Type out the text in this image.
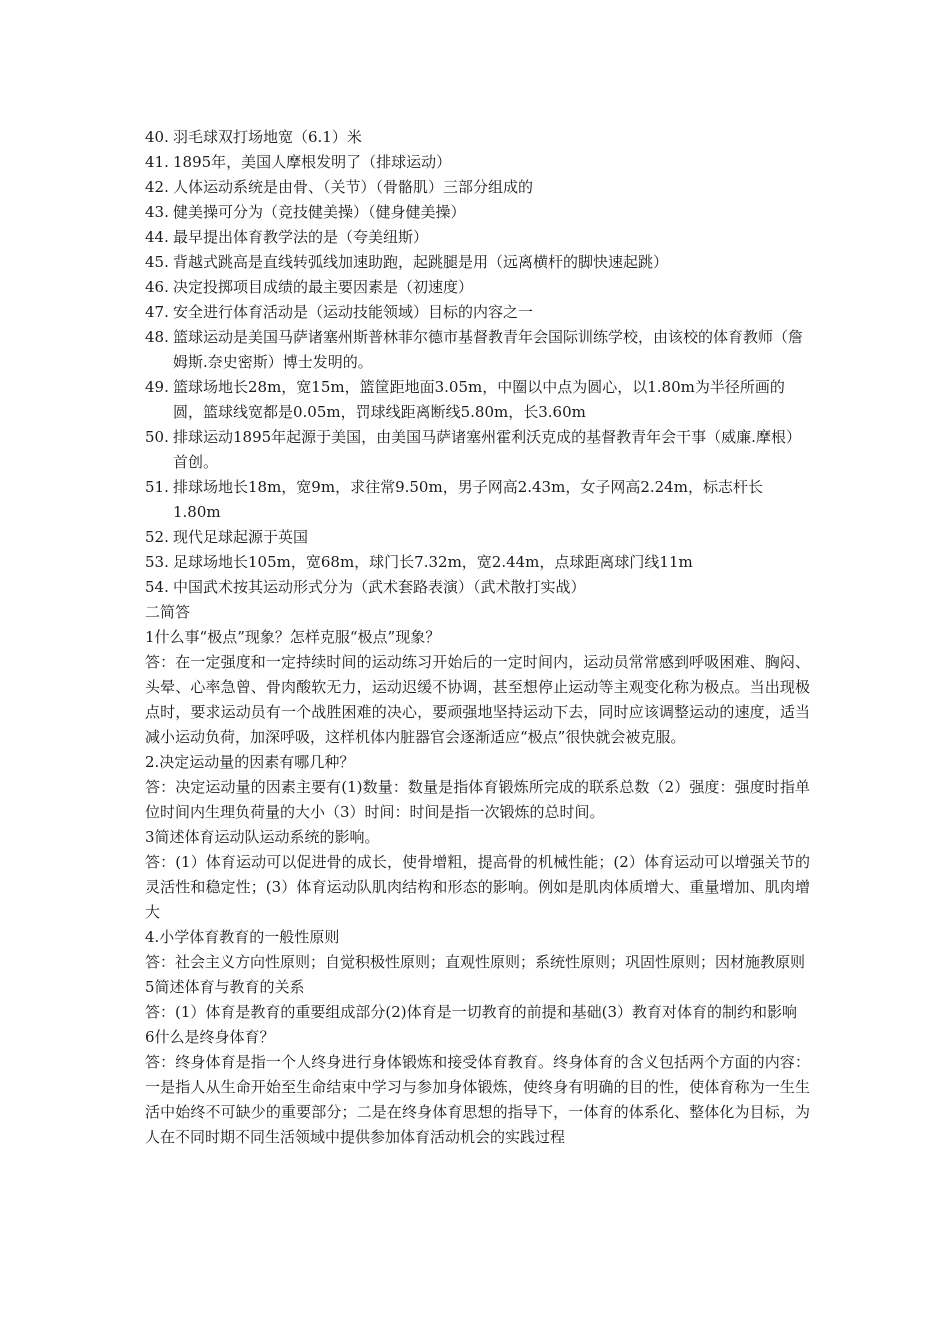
40. 羽毛球双打场地宽（6.1）米
41. 1895年，美国人摩根发明了（排球运动）
42. 人体运动系统是由骨、（关节）（骨骼肌）三部分组成的
43. 健美操可分为（竞技健美操）（健身健美操）
44. 最早提出体育教学法的是（夸美纽斯）
45. 背越式跳高是直线转弧线加速助跑，起跳腿是用（远离横杆的脚快速起跳）
46. 决定投掷项目成绩的最主要因素是（初速度）
47. 安全进行体育活动是（运动技能领域）目标的内容之一
48. 篮球运动是美国马萨诸塞州斯普林菲尔德市基督教青年会国际训练学校，由该校的体育教师（詹姆斯.奈史密斯）博士发明的。
49. 篮球场地长28m，宽15m，篮筐距地面3.05m，中圈以中点为圆心，以1.80m为半径所画的圆，篮球线宽都是0.05m，罚球线距离断线5.80m，长3.60m
50. 排球运动1895年起源于美国，由美国马萨诸塞州霍利沃克成的基督教青年会干事（威廉.摩根）首创。
51. 排球场地长18m，宽9m，求往常9.50m，男子网高2.43m，女子网高2.24m，标志杆长1.80m
52. 现代足球起源于英国
53. 足球场地长105m，宽68m，球门长7.32m，宽2.44m，点球距离球门线11m
54. 中国武术按其运动形式分为（武术套路表演）（武术散打实战）

二简答

1什么事“极点”现象？怎样克服“极点”现象？

答：在一定强度和一定持续时间的运动练习开始后的一定时间内，运动员常常感到呼吸困难、胸闷、头晕、心率急曾、骨肉酸软无力，运动迟缓不协调，甚至想停止运动等主观变化称为极点。当出现极点时，要求运动员有一个战胜困难的决心，要顽强地坚持运动下去，同时应该调整运动的速度，适当减小运动负荷，加深呼吸，这样机体内脏器官会逐渐适应“极点”很快就会被克服。

2.决定运动量的因素有哪几种？

答：决定运动量的因素主要有(1)数量：数量是指体育锻炼所完成的联系总数（2）强度：强度时指单位时间内生理负荷量的大小（3）时间：时间是指一次锻炼的总时间。

3简述体育运动队运动系统的影响。

答：(1）体育运动可以促进骨的成长，使骨增粗，提高骨的机械性能；(2）体育运动可以增强关节的灵活性和稳定性；(3）体育运动队肌肉结构和形态的影响。例如是肌肉体质增大、重量增加、肌肉增大

4.小学体育教育的一般性原则

答：社会主义方向性原则；自觉积极性原则；直观性原则；系统性原则；巩固性原则；因材施教原则

5简述体育与教育的关系

答：(1）体育是教育的重要组成部分(2)体育是一切教育的前提和基础(3）教育对体育的制约和影响

6什么是终身体育？

答：终身体育是指一个人终身进行身体锻炼和接受体育教育。终身体育的含义包括两个方面的内容：一是指人从生命开始至生命结束中学习与参加身体锻炼，使终身有明确的目的性，使体育称为一生生活中始终不可缺少的重要部分；二是在终身体育思想的指导下，一体育的体系化、整体化为目标，为人在不同时期不同生活领域中提供参加体育活动机会的实践过程
